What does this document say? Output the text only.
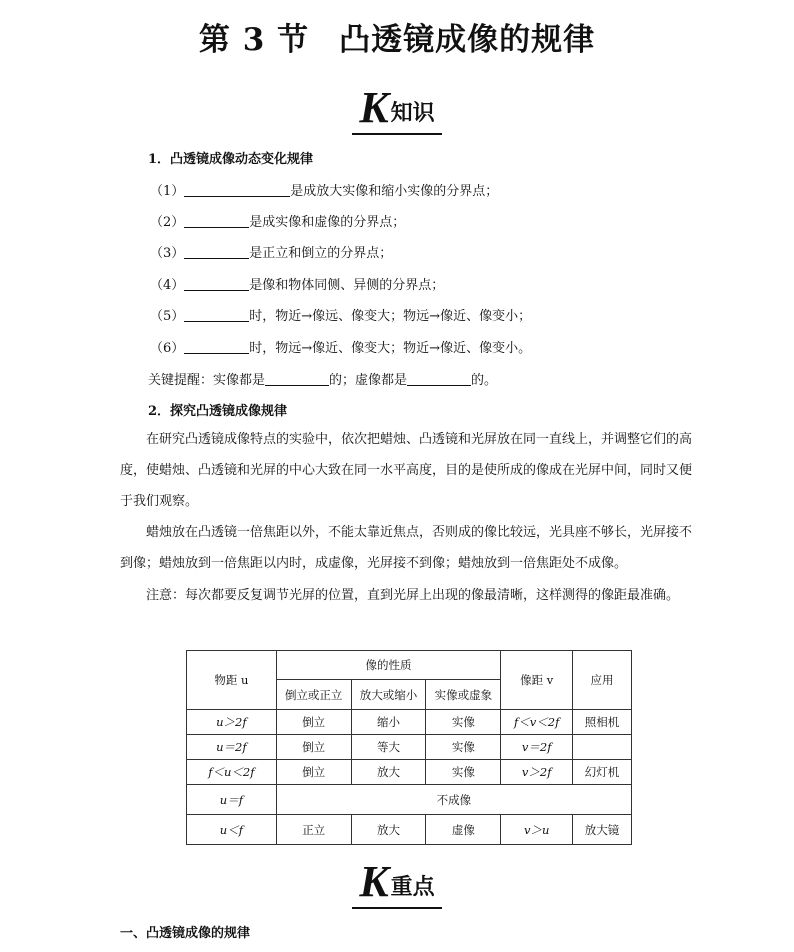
第 3 节 凸透镜成像的规律
K知识
1．凸透镜成像动态变化规律
（1）	是成放大实像和缩小实像的分界点；
（2）	是成实像和虚像的分界点；
（3）	是正立和倒立的分界点；
（4）	是像和物体同侧、异侧的分界点；
（5）	时，物近→像远、像变大；物远→像近、像变小；
（6）	时，物远→像近、像变大；物近→像近、像变小。
关键提醒：实像都是	的；虚像都是	的。
2．探究凸透镜成像规律
在研究凸透镜成像特点的实验中，依次把蜡烛、凸透镜和光屏放在同一直线上，并调整它们的高度，使蜡烛、凸透镜和光屏的中心大致在同一水平高度，目的是使所成的像成在光屏中间，同时又便于我们观察。
蜡烛放在凸透镜一倍焦距以外，不能太靠近焦点，否则成的像比较远，光具座不够长，光屏接不到像；蜡烛放到一倍焦距以内时，成虚像，光屏接不到像；蜡烛放到一倍焦距处不成像。
注意：每次都要反复调节光屏的位置，直到光屏上出现的像最清晰，这样测得的像距最准确。
物距 u	像的性质			像距 v	应用
	倒立或正立	放大或缩小	实像或虚象		
u＞2f	倒立	缩小	实像	f＜v＜2f	照相机
u＝2f	倒立	等大	实像	v＝2f	
f＜u＜2f	倒立	放大	实像	v＞2f	幻灯机
u＝f	不成像				
u＜f	正立	放大	虚像	v＞u	放大镜
K重点
一、凸透镜成像的规律
